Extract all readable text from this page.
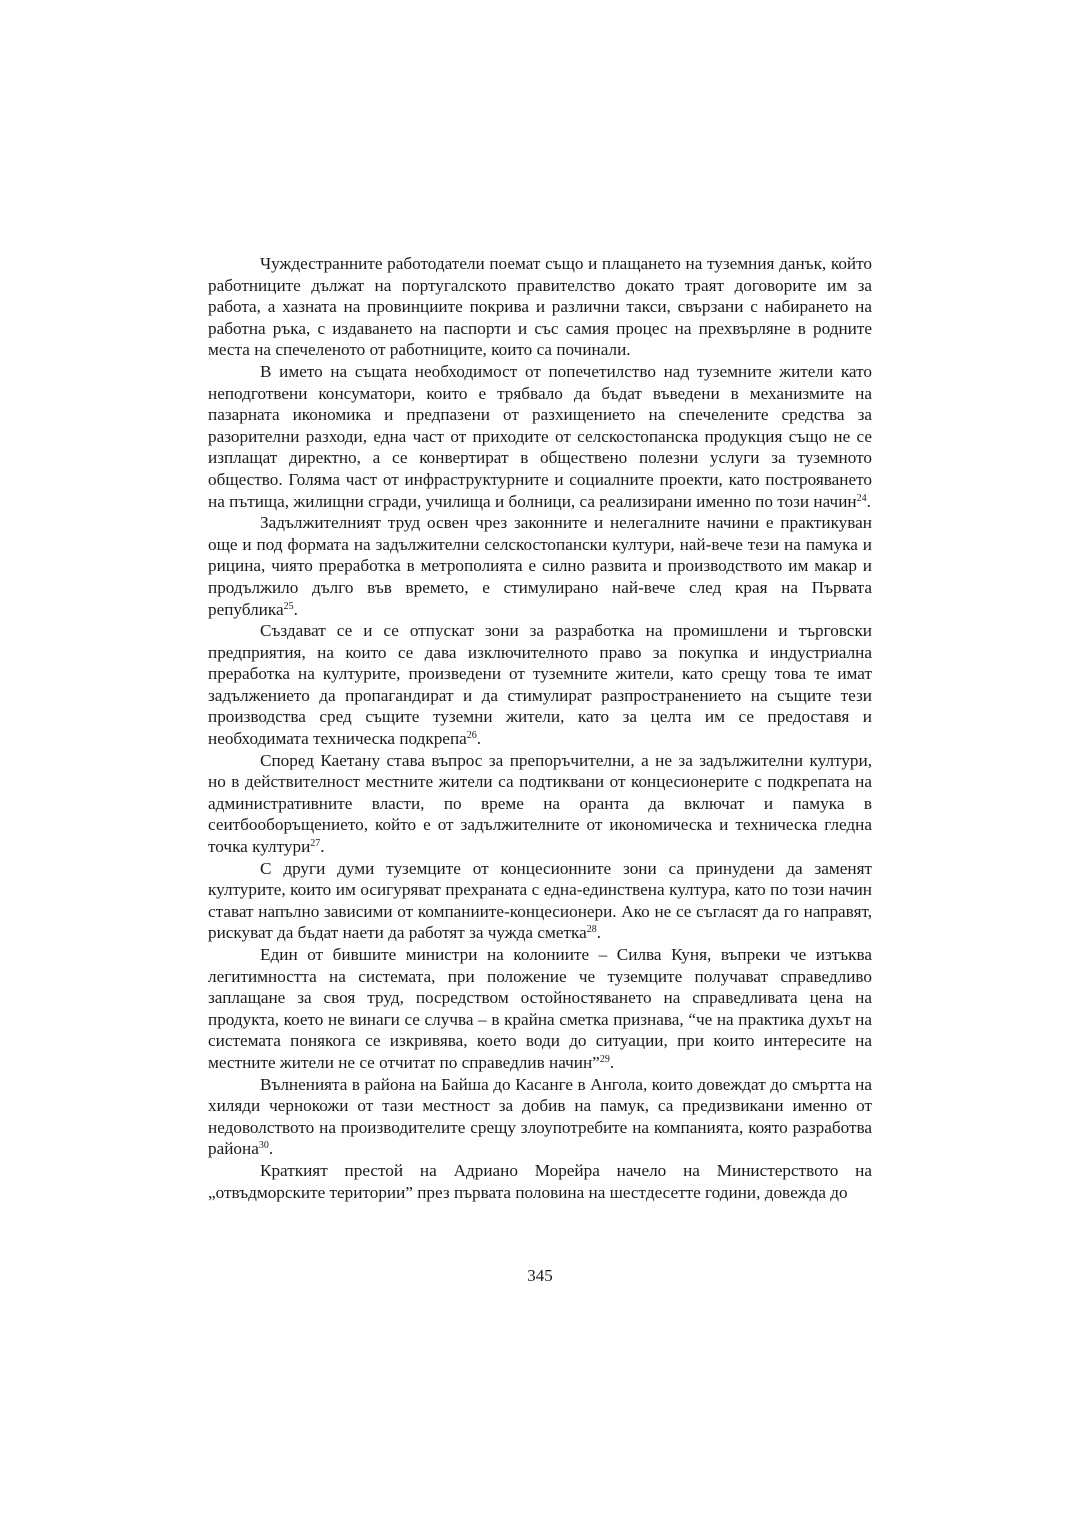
Чуждестранните работодатели поемат също и плащането на туземния данък, който работниците дължат на португалското правителство докато траят договорите им за работа, а хазната на провинциите покрива и различни такси, свързани с набирането на работна ръка, с издаването на паспорти и със самия процес на прехвърляне в родните места на спечеленото от работниците, които са починали.

В името на същата необходимост от попечетилство над туземните жители като неподготвени консуматори, които е трябвало да бъдат въведени в механизмите на пазарната икономика и предпазени от разхищението на спечелените средства за разорителни разходи, една част от приходите от селскостопанска продукция също не се изплащат директно, а се конвертират в обществено полезни услуги за туземното общество. Голяма част от инфраструктурните и социалните проекти, като построяването на пътища, жилищни сгради, училища и болници, са реализирани именно по този начин$^{24}$.

Задължителният труд освен чрез законните и нелегалните начини е практикуван още и под формата на задължителни селскостопански култури, най-вече тези на памука и рицина, чиято преработка в метрополията е силно развита и производството им макар и продължило дълго във времето, е стимулирано най-вече след края на Първата република$^{25}$.

Създават се и се отпускат зони за разработка на промишлени и търговски предприятия, на които се дава изключителното право за покупка и индустриална преработка на културите, произведени от туземните жители, като срещу това те имат задължението да пропагандират и да стимулират разпространението на същите тези производства сред същите туземни жители, като за целта им се предоставя и необходимата техническа подкрепа$^{26}$.

Според Каетану става въпрос за препоръчителни, а не за задължителни култури, но в действителност местните жители са подтиквани от концесионерите с подкрепата на административните власти, по време на оранта да включат и памука в сеитбооборъщението, който е от задължителните от икономическа и техническа гледна точка култури$^{27}$.

С други думи туземците от концесионните зони са принудени да заменят културите, които им осигуряват прехраната с една-единствена култура, като по този начин стават напълно зависими от компаниите-концесионери. Ако не се съгласят да го направят, рискуват да бъдат наети да работят за чужда сметка$^{28}$.

Един от бившите министри на колониите – Силва Куня, въпреки че изтъква легитимността на системата, при положение че туземците получават справедливо заплащане за своя труд, посредством остойностяването на справедливата цена на продукта, което не винаги се случва – в крайна сметка признава, “че на практика духът на системата понякога се изкривява, което води до ситуации, при които интересите на местните жители не се отчитат по справедлив начин”$^{29}$.

Вълненията в района на Байша до Касанге в Ангола, които довеждат до смъртта на хиляди чернокожи от тази местност за добив на памук, са предизвикани именно от недоволството на производителите срещу злоупотребите на компанията, която разработва района$^{30}$.

Краткият престой на Адриано Морейра начело на Министерството на „отвъдморските територии” през първата половина на шестдесетте години, довежда до

345
